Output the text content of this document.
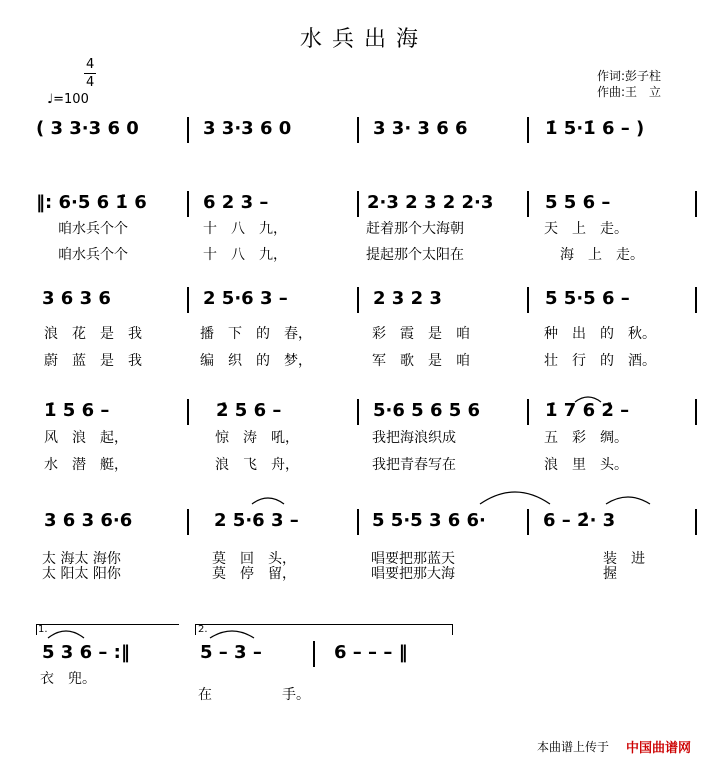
水兵出海
作词:彭子柱
作曲:王　立
4
4
♩=100
( 3 3·3 6 0	3 3·3 6 0	3 3· 3 6 6	1̇ 5·1̇ 6 – )
‖: 6·5 6 1̇ 6	6 2 3 –	2·3 2 3 2 2·3	5 5 6 –
咱水兵个个	十　八　九，	赶着那个大海朝	天　上　走。
咱水兵个个	十　八　九，	提起那个太阳在	海　上　走。
3 6 3 6	2 5·6 3 –	2 3 2 3	5 5·5 6 –
浪　花　是　我	播　下　的　春，	彩　霞　是　咱	种　出　的　秋。
蔚　蓝　是　我	编　织　的　梦，	军　歌　是　咱	壮　行　的　酒。
1̇ 5 6 –	2̇ 5 6 –	5·6 5 6 5 6	1̇ 7 6 2̇ –
风　浪　起，	惊　涛　吼，	我把海浪织成	五　彩　绸。
水　潜　艇，	浪　飞　舟，	我把青春写在	浪　里　头。
3 6 3 6·6	2 5·6 3 –	5 5·5 3 6 6·	6 – 2̇· 3
太 海太 海你	莫　回　头，	唱要把那蓝天	　　装　进
太 阳太 阳你	莫　停　留，	唱要把那大海	　　握
1.	2.
5 3 6 – :‖	5 – 3 –	6 – – – ‖
衣　兜。
在　　　　　手。
本曲谱上传于 中国曲谱网
